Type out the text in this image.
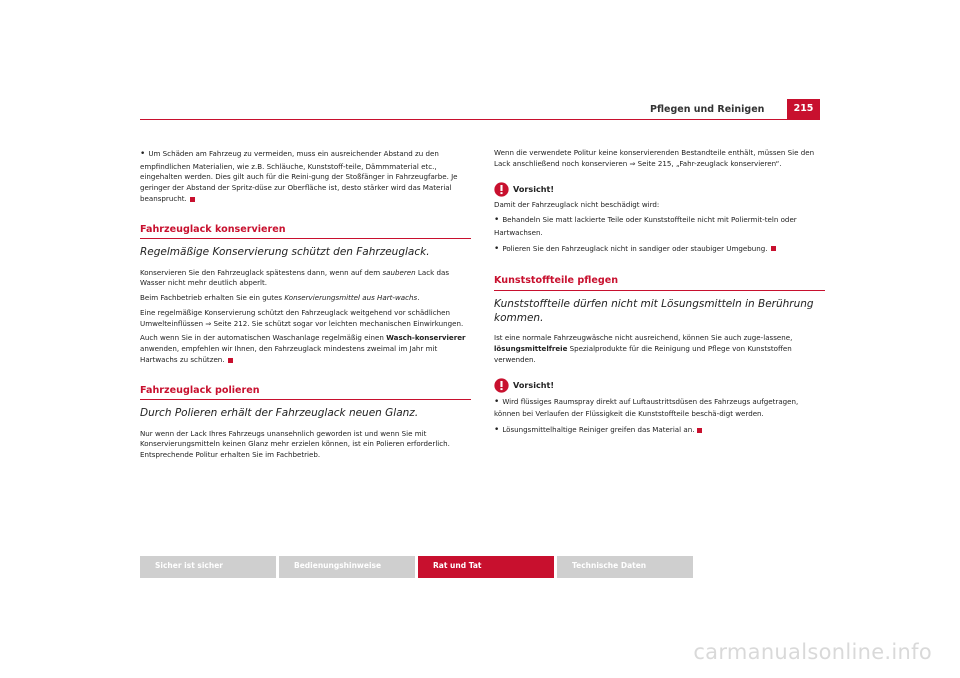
Pflegen und Reinigen	215

• Um Schäden am Fahrzeug zu vermeiden, muss ein ausreichender Abstand zu den empfindlichen Materialien, wie z.B. Schläuche, Kunststoff-teile, Dämmmaterial etc., eingehalten werden. Dies gilt auch für die Reini-gung der Stoßfänger in Fahrzeugfarbe. Je geringer der Abstand der Spritz-düse zur Oberfläche ist, desto stärker wird das Material beansprucht.

Fahrzeuglack konservieren
Regelmäßige Konservierung schützt den Fahrzeuglack.

Konservieren Sie den Fahrzeuglack spätestens dann, wenn auf dem sauberen Lack das Wasser nicht mehr deutlich abperlt.

Beim Fachbetrieb erhalten Sie ein gutes Konservierungsmittel aus Hart-wachs.

Eine regelmäßige Konservierung schützt den Fahrzeuglack weitgehend vor schädlichen Umwelteinflüssen ⇒ Seite 212. Sie schützt sogar vor leichten mechanischen Einwirkungen.

Auch wenn Sie in der automatischen Waschanlage regelmäßig einen Wasch-konservierer anwenden, empfehlen wir Ihnen, den Fahrzeuglack mindestens zweimal im Jahr mit Hartwachs zu schützen.

Fahrzeuglack polieren
Durch Polieren erhält der Fahrzeuglack neuen Glanz.

Nur wenn der Lack Ihres Fahrzeugs unansehnlich geworden ist und wenn Sie mit Konservierungsmitteln keinen Glanz mehr erzielen können, ist ein Polieren erforderlich. Entsprechende Politur erhalten Sie im Fachbetrieb.

Wenn die verwendete Politur keine konservierenden Bestandteile enthält, müssen Sie den Lack anschließend noch konservieren ⇒ Seite 215, „Fahr-zeuglack konservieren“.

Vorsicht!

Damit der Fahrzeuglack nicht beschädigt wird:

• Behandeln Sie matt lackierte Teile oder Kunststoffteile nicht mit Poliermit-teln oder Hartwachsen.

• Polieren Sie den Fahrzeuglack nicht in sandiger oder staubiger Umgebung.

Kunststoffteile pflegen
Kunststoffteile dürfen nicht mit Lösungsmitteln in Berührung kommen.

Ist eine normale Fahrzeugwäsche nicht ausreichend, können Sie auch zuge-lassene, lösungsmittelfreie Spezialprodukte für die Reinigung und Pflege von Kunststoffen verwenden.

Vorsicht!

• Wird flüssiges Raumspray direkt auf Luftaustrittsdüsen des Fahrzeugs aufgetragen, können bei Verlaufen der Flüssigkeit die Kunststoffteile beschä-digt werden.

• Lösungsmittelhaltige Reiniger greifen das Material an.

Sicher ist sicher	Bedienungshinweise	Rat und Tat	Technische Daten
carmanualsonline.info
